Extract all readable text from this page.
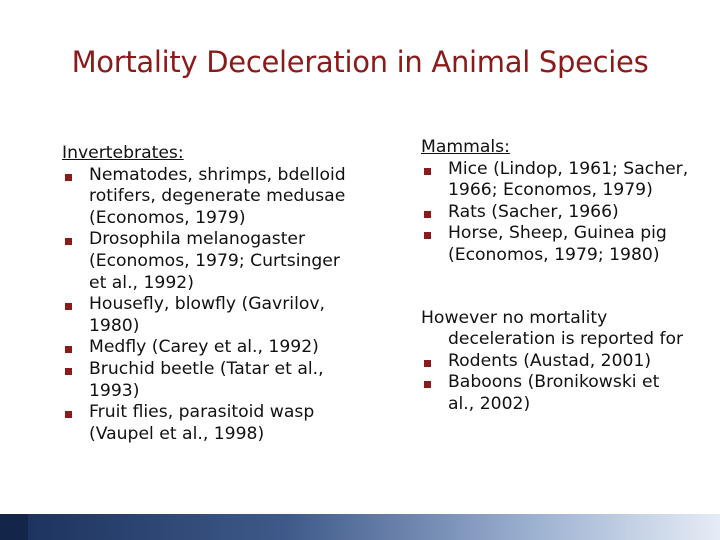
Mortality Deceleration in Animal Species
Invertebrates:
Nematodes, shrimps, bdelloid
rotifers, degenerate medusae
(Economos, 1979)
Drosophila melanogaster
(Economos, 1979; Curtsinger
et al., 1992)
Housefly, blowfly (Gavrilov,
1980)
Medfly (Carey et al., 1992)
Bruchid beetle (Tatar et al.,
1993)
Fruit flies, parasitoid wasp
(Vaupel et al., 1998)
Mammals:
Mice (Lindop, 1961; Sacher,
1966; Economos, 1979)
Rats (Sacher, 1966)
Horse, Sheep, Guinea pig
(Economos, 1979; 1980)
However no mortality
deceleration is reported for
Rodents (Austad, 2001)
Baboons (Bronikowski et
al., 2002)
